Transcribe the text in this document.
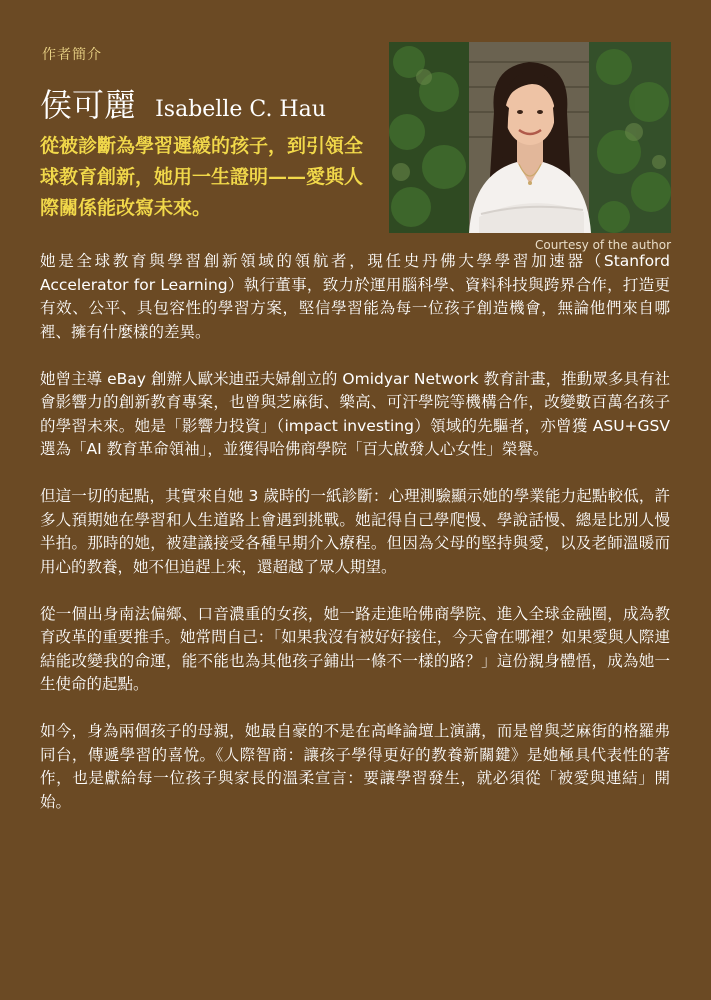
作者簡介
侯可麗 Isabelle C. Hau
從被診斷為學習遲緩的孩子，到引領全球教育創新，她用一生證明——愛與人際關係能改寫未來。
Courtesy of the author

她是全球教育與學習創新領域的領航者，現任史丹佛大學學習加速器（Stanford Accelerator for Learning）執行董事，致力於運用腦科學、資料科技與跨界合作，打造更有效、公平、具包容性的學習方案，堅信學習能為每一位孩子創造機會，無論他們來自哪裡、擁有什麼樣的差異。

她曾主導 eBay 創辦人歐米迪亞夫婦創立的 Omidyar Network 教育計畫，推動眾多具有社會影響力的創新教育專案，也曾與芝麻街、樂高、可汗學院等機構合作，改變數百萬名孩子的學習未來。她是「影響力投資」（impact investing）領域的先驅者，亦曾獲 ASU+GSV 選為「AI 教育革命領袖」，並獲得哈佛商學院「百大啟發人心女性」榮譽。

但這一切的起點，其實來自她 3 歲時的一紙診斷：心理測驗顯示她的學業能力起點較低，許多人預期她在學習和人生道路上會遇到挑戰。她記得自己學爬慢、學說話慢、總是比別人慢半拍。那時的她，被建議接受各種早期介入療程。但因為父母的堅持與愛，以及老師溫暖而用心的教養，她不但追趕上來，還超越了眾人期望。

從一個出身南法偏鄉、口音濃重的女孩，她一路走進哈佛商學院、進入全球金融圈，成為教育改革的重要推手。她常問自己：「如果我沒有被好好接住，今天會在哪裡？如果愛與人際連結能改變我的命運，能不能也為其他孩子鋪出一條不一樣的路？」這份親身體悟，成為她一生使命的起點。

如今，身為兩個孩子的母親，她最自豪的不是在高峰論壇上演講，而是曾與芝麻街的格羅弗同台，傳遞學習的喜悅。《人際智商：讓孩子學得更好的教養新關鍵》是她極具代表性的著作，也是獻給每一位孩子與家長的溫柔宣言：要讓學習發生，就必須從「被愛與連結」開始。
